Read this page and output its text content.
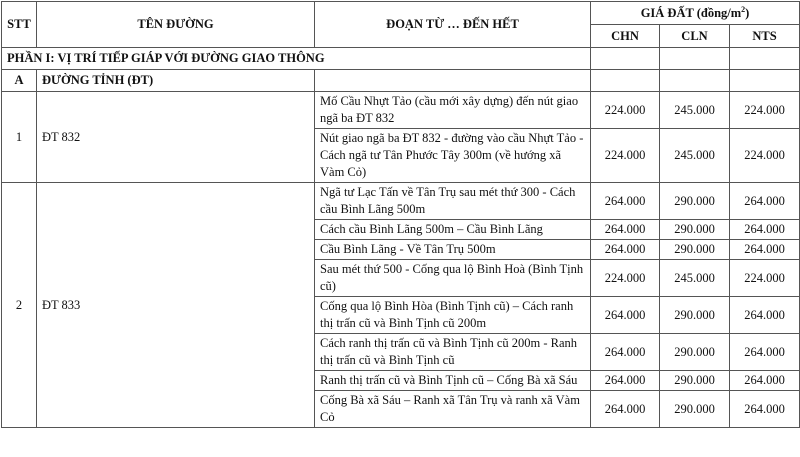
STT	TÊN ĐƯỜNG	ĐOẠN TỪ … ĐẾN HẾT	GIÁ ĐẤT $(đồng/m^2)$		
			CHN	CLN	NTS
PHẦN I: VỊ TRÍ TIẾP GIÁP VỚI ĐƯỜNG GIAO THÔNG					
A	ĐƯỜNG TỈNH (ĐT)				
1	ĐT 832	Mố Cầu Nhựt Tảo (cầu mới xây dựng) đến nút giao ngã ba ĐT 832	224.000	245.000	224.000
		Nút giao ngã ba ĐT 832 - đường vào cầu Nhựt Tảo - Cách ngã tư Tân Phước Tây 300m (về hướng xã Vàm Cỏ)	224.000	245.000	224.000
2	ĐT 833	Ngã tư Lạc Tấn về Tân Trụ sau mét thứ 300 - Cách cầu Bình Lãng 500m	264.000	290.000	264.000
		Cách cầu Bình Lãng 500m – Cầu Bình Lãng	264.000	290.000	264.000
		Cầu Bình Lãng - Về Tân Trụ 500m	264.000	290.000	264.000
		Sau mét thứ 500 - Cống qua lộ Bình Hoà (Bình Tịnh cũ)	224.000	245.000	224.000
		Cống qua lộ Bình Hòa (Bình Tịnh cũ) – Cách ranh thị trấn cũ và Bình Tịnh cũ 200m	264.000	290.000	264.000
		Cách ranh thị trấn cũ và Bình Tịnh cũ 200m - Ranh thị trấn cũ và Bình Tịnh cũ	264.000	290.000	264.000
		Ranh thị trấn cũ và Bình Tịnh cũ – Cống Bà xã Sáu	264.000	290.000	264.000
		Cống Bà xã Sáu – Ranh xã Tân Trụ và ranh xã Vàm Cỏ	264.000	290.000	264.000
